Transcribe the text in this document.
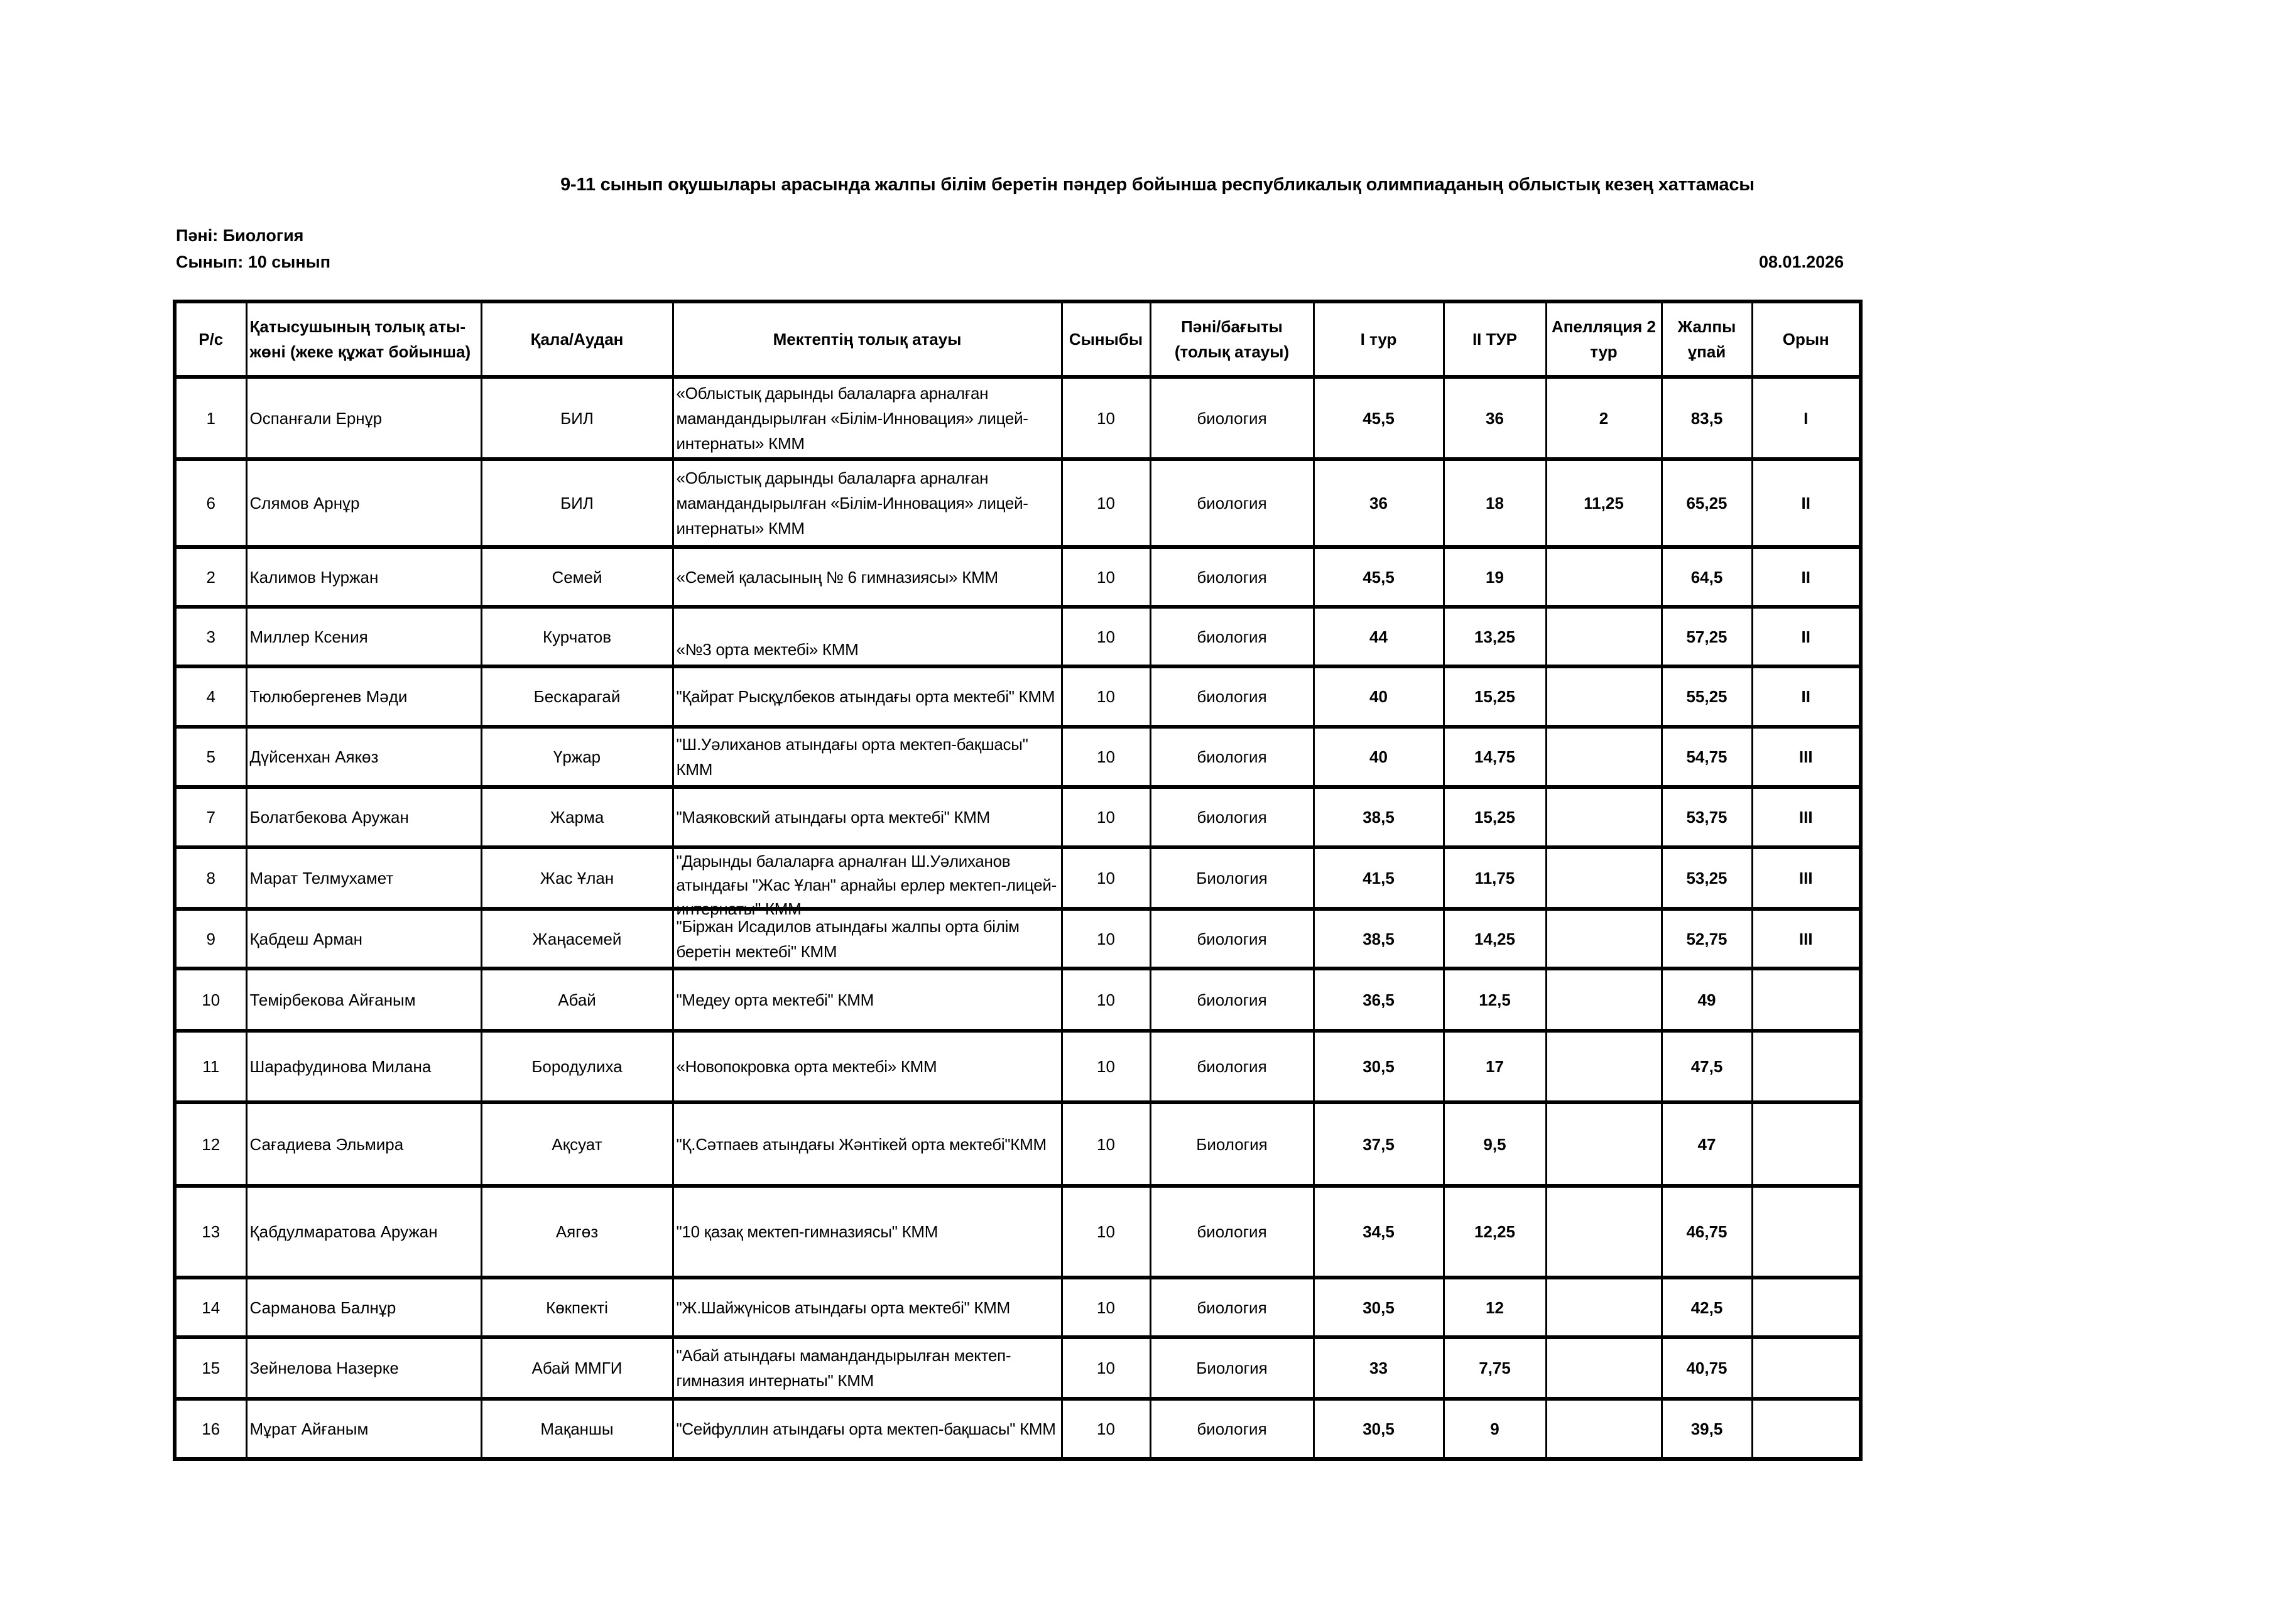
9-11 сынып оқушылары арасында жалпы білім беретін пәндер бойынша республикалық олимпиаданың облыстық кезең хаттамасы
Пәні: Биология
Сынып: 10 сынып	08.01.2026
Р/с	Қатысушының толық аты-жөні (жеке құжат бойынша)	Қала/Аудан	Мектептің толық атауы	Сыныбы	Пәні/бағыты (толық атауы)	І тур	ІІ ТУР	Апелляция 2 тур	Жалпы ұпай	Орын
1	Оспанғали Ернұр	БИЛ	«Облыстық дарынды балаларға арналған мамандандырылған «Білім-Инновация» лицей-интернаты» КММ	10	биология	45,5	36	2	83,5	I
6	Слямов Арнұр	БИЛ	«Облыстық дарынды балаларға арналған мамандандырылған «Білім-Инновация» лицей-интернаты» КММ	10	биология	36	18	11,25	65,25	II
2	Калимов Нуржан	Семей	«Семей қаласының № 6 гимназиясы» КММ	10	биология	45,5	19		64,5	II
3	Миллер Ксения	Курчатов	«№3 орта мектебі» КММ	10	биология	44	13,25		57,25	II
4	Тюлюбергенев Мәди	Бескарагай	"Қайрат Рысқұлбеков атындағы орта мектебі" КММ	10	биология	40	15,25		55,25	II
5	Дүйсенхан Аякөз	Үржар	"Ш.Уәлиханов атындағы орта мектеп-бақшасы" КММ	10	биология	40	14,75		54,75	III
7	Болатбекова Аружан	Жарма	"Маяковский атындағы орта мектебі" КММ	10	биология	38,5	15,25		53,75	III
8	Марат Телмухамет	Жас Ұлан	"Дарынды балаларға арналған Ш.Уәлиханов атындағы "Жас Ұлан" арнайы ерлер мектеп-лицей-интернаты" КММ	10	Биология	41,5	11,75		53,25	III
9	Қабдеш Арман	Жаңасемей	"Біржан Исадилов атындағы жалпы орта білім беретін мектебі" КММ	10	биология	38,5	14,25		52,75	III
10	Темірбекова Айғаным	Абай	"Медеу орта мектебі" КММ	10	биология	36,5	12,5		49	
11	Шарафудинова Милана	Бородулиха	«Новопокровка орта мектебі» КММ	10	биология	30,5	17		47,5	
12	Сағадиева Эльмира	Ақсуат	"Қ.Сәтпаев атындағы Жәнтікей орта мектебі"КММ	10	Биология	37,5	9,5		47	
13	Қабдулмаратова Аружан	Аягөз	"10 қазақ мектеп-гимназиясы" КММ	10	биология	34,5	12,25		46,75	
14	Сарманова Балнұр	Көкпекті	"Ж.Шайжүнісов атындағы орта мектебі" КММ	10	биология	30,5	12		42,5	
15	Зейнелова Назерке	Абай ММГИ	"Абай атындағы мамандандырылған мектеп-гимназия интернаты" КММ	10	Биология	33	7,75		40,75	
16	Мұрат Айғаным	Мақаншы	"Сейфуллин атындағы орта мектеп-бақшасы" КММ	10	биология	30,5	9		39,5	
